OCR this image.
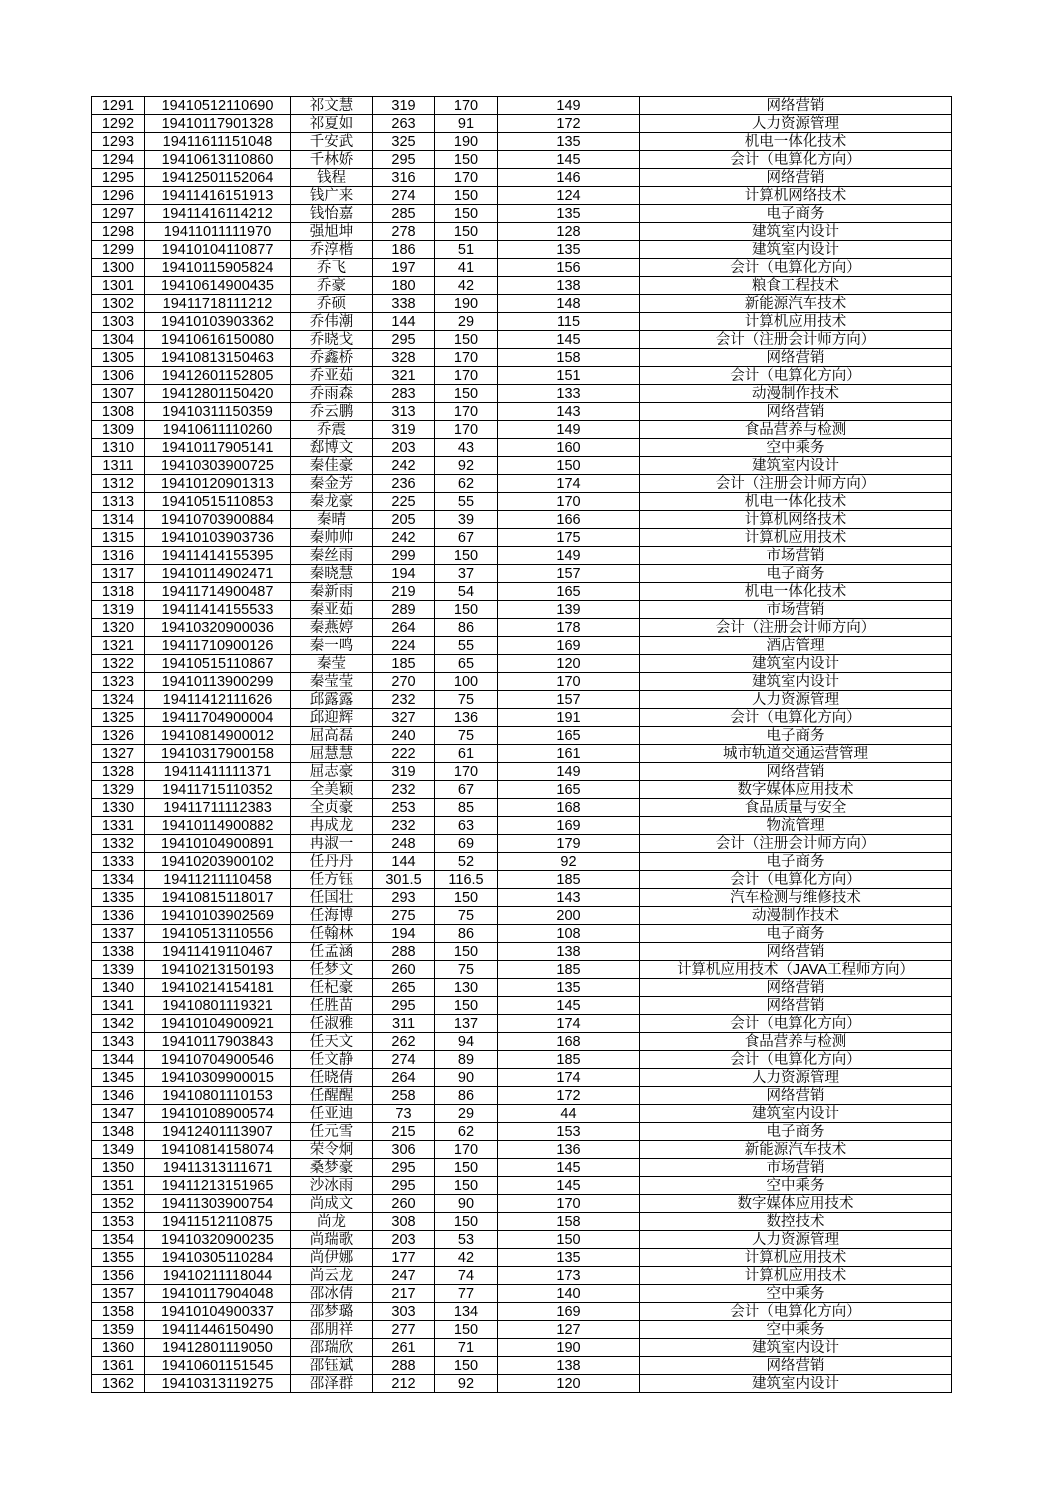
1291	19410512110690	祁文慧	319	170	149	网络营销
1292	19410117901328	祁夏如	263	91	172	人力资源管理
1293	19411611151048	千安武	325	190	135	机电一体化技术
1294	19410613110860	千林娇	295	150	145	会计（电算化方向）
1295	19412501152064	钱程	316	170	146	网络营销
1296	19411416151913	钱广来	274	150	124	计算机网络技术
1297	19411416114212	钱怡嘉	285	150	135	电子商务
1298	19411011111970	强旭坤	278	150	128	建筑室内设计
1299	19410104110877	乔淳楷	186	51	135	建筑室内设计
1300	19410115905824	乔飞	197	41	156	会计（电算化方向）
1301	19410614900435	乔豪	180	42	138	粮食工程技术
1302	19411718111212	乔硕	338	190	148	新能源汽车技术
1303	19410103903362	乔伟潮	144	29	115	计算机应用技术
1304	19410616150080	乔晓戈	295	150	145	会计（注册会计师方向）
1305	19410813150463	乔鑫桥	328	170	158	网络营销
1306	19412601152805	乔亚茹	321	170	151	会计（电算化方向）
1307	19412801150420	乔雨森	283	150	133	动漫制作技术
1308	19410311150359	乔云鹏	313	170	143	网络营销
1309	19410611110260	乔震	319	170	149	食品营养与检测
1310	19410117905141	郄博文	203	43	160	空中乘务
1311	19410303900725	秦佳豪	242	92	150	建筑室内设计
1312	19410120901313	秦金芳	236	62	174	会计（注册会计师方向）
1313	19410515110853	秦龙豪	225	55	170	机电一体化技术
1314	19410703900884	秦晴	205	39	166	计算机网络技术
1315	19410103903736	秦帅帅	242	67	175	计算机应用技术
1316	19411414155395	秦丝雨	299	150	149	市场营销
1317	19410114902471	秦晓慧	194	37	157	电子商务
1318	19411714900487	秦新雨	219	54	165	机电一体化技术
1319	19411414155533	秦亚茹	289	150	139	市场营销
1320	19410320900036	秦燕婷	264	86	178	会计（注册会计师方向）
1321	19411710900126	秦一鸣	224	55	169	酒店管理
1322	19410515110867	秦莹	185	65	120	建筑室内设计
1323	19410113900299	秦莹莹	270	100	170	建筑室内设计
1324	19411412111626	邱露露	232	75	157	人力资源管理
1325	19411704900004	邱迎辉	327	136	191	会计（电算化方向）
1326	19410814900012	屈高磊	240	75	165	电子商务
1327	19410317900158	屈慧慧	222	61	161	城市轨道交通运营管理
1328	19411411111371	屈志豪	319	170	149	网络营销
1329	19411715110352	全美颖	232	67	165	数字媒体应用技术
1330	19411711112383	全贞豪	253	85	168	食品质量与安全
1331	19410114900882	冉成龙	232	63	169	物流管理
1332	19410104900891	冉淑一	248	69	179	会计（注册会计师方向）
1333	19410203900102	任丹丹	144	52	92	电子商务
1334	19411211110458	任方钰	301.5	116.5	185	会计（电算化方向）
1335	19410815118017	任国壮	293	150	143	汽车检测与维修技术
1336	19410103902569	任海博	275	75	200	动漫制作技术
1337	19410513110556	任翰林	194	86	108	电子商务
1338	19411419110467	任孟涵	288	150	138	网络营销
1339	19410213150193	任梦文	260	75	185	计算机应用技术（JAVA工程师方向）
1340	19410214154181	任杞豪	265	130	135	网络营销
1341	19410801119321	任胜苗	295	150	145	网络营销
1342	19410104900921	任淑雅	311	137	174	会计（电算化方向）
1343	19410117903843	任天文	262	94	168	食品营养与检测
1344	19410704900546	任文静	274	89	185	会计（电算化方向）
1345	19410309900015	任晓倩	264	90	174	人力资源管理
1346	19410801110153	任醒醒	258	86	172	网络营销
1347	19410108900574	任亚迪	73	29	44	建筑室内设计
1348	19412401113907	任元雪	215	62	153	电子商务
1349	19410814158074	荣令炯	306	170	136	新能源汽车技术
1350	19411313111671	桑梦豪	295	150	145	市场营销
1351	19411213151965	沙冰雨	295	150	145	空中乘务
1352	19411303900754	尚成文	260	90	170	数字媒体应用技术
1353	19411512110875	尚龙	308	150	158	数控技术
1354	19410320900235	尚瑞歌	203	53	150	人力资源管理
1355	19410305110284	尚伊娜	177	42	135	计算机应用技术
1356	19410211118044	尚云龙	247	74	173	计算机应用技术
1357	19410117904048	邵冰倩	217	77	140	空中乘务
1358	19410104900337	邵梦璐	303	134	169	会计（电算化方向）
1359	19411446150490	邵朋祥	277	150	127	空中乘务
1360	19412801119050	邵瑞欣	261	71	190	建筑室内设计
1361	19410601151545	邵钰斌	288	150	138	网络营销
1362	19410313119275	邵泽群	212	92	120	建筑室内设计
